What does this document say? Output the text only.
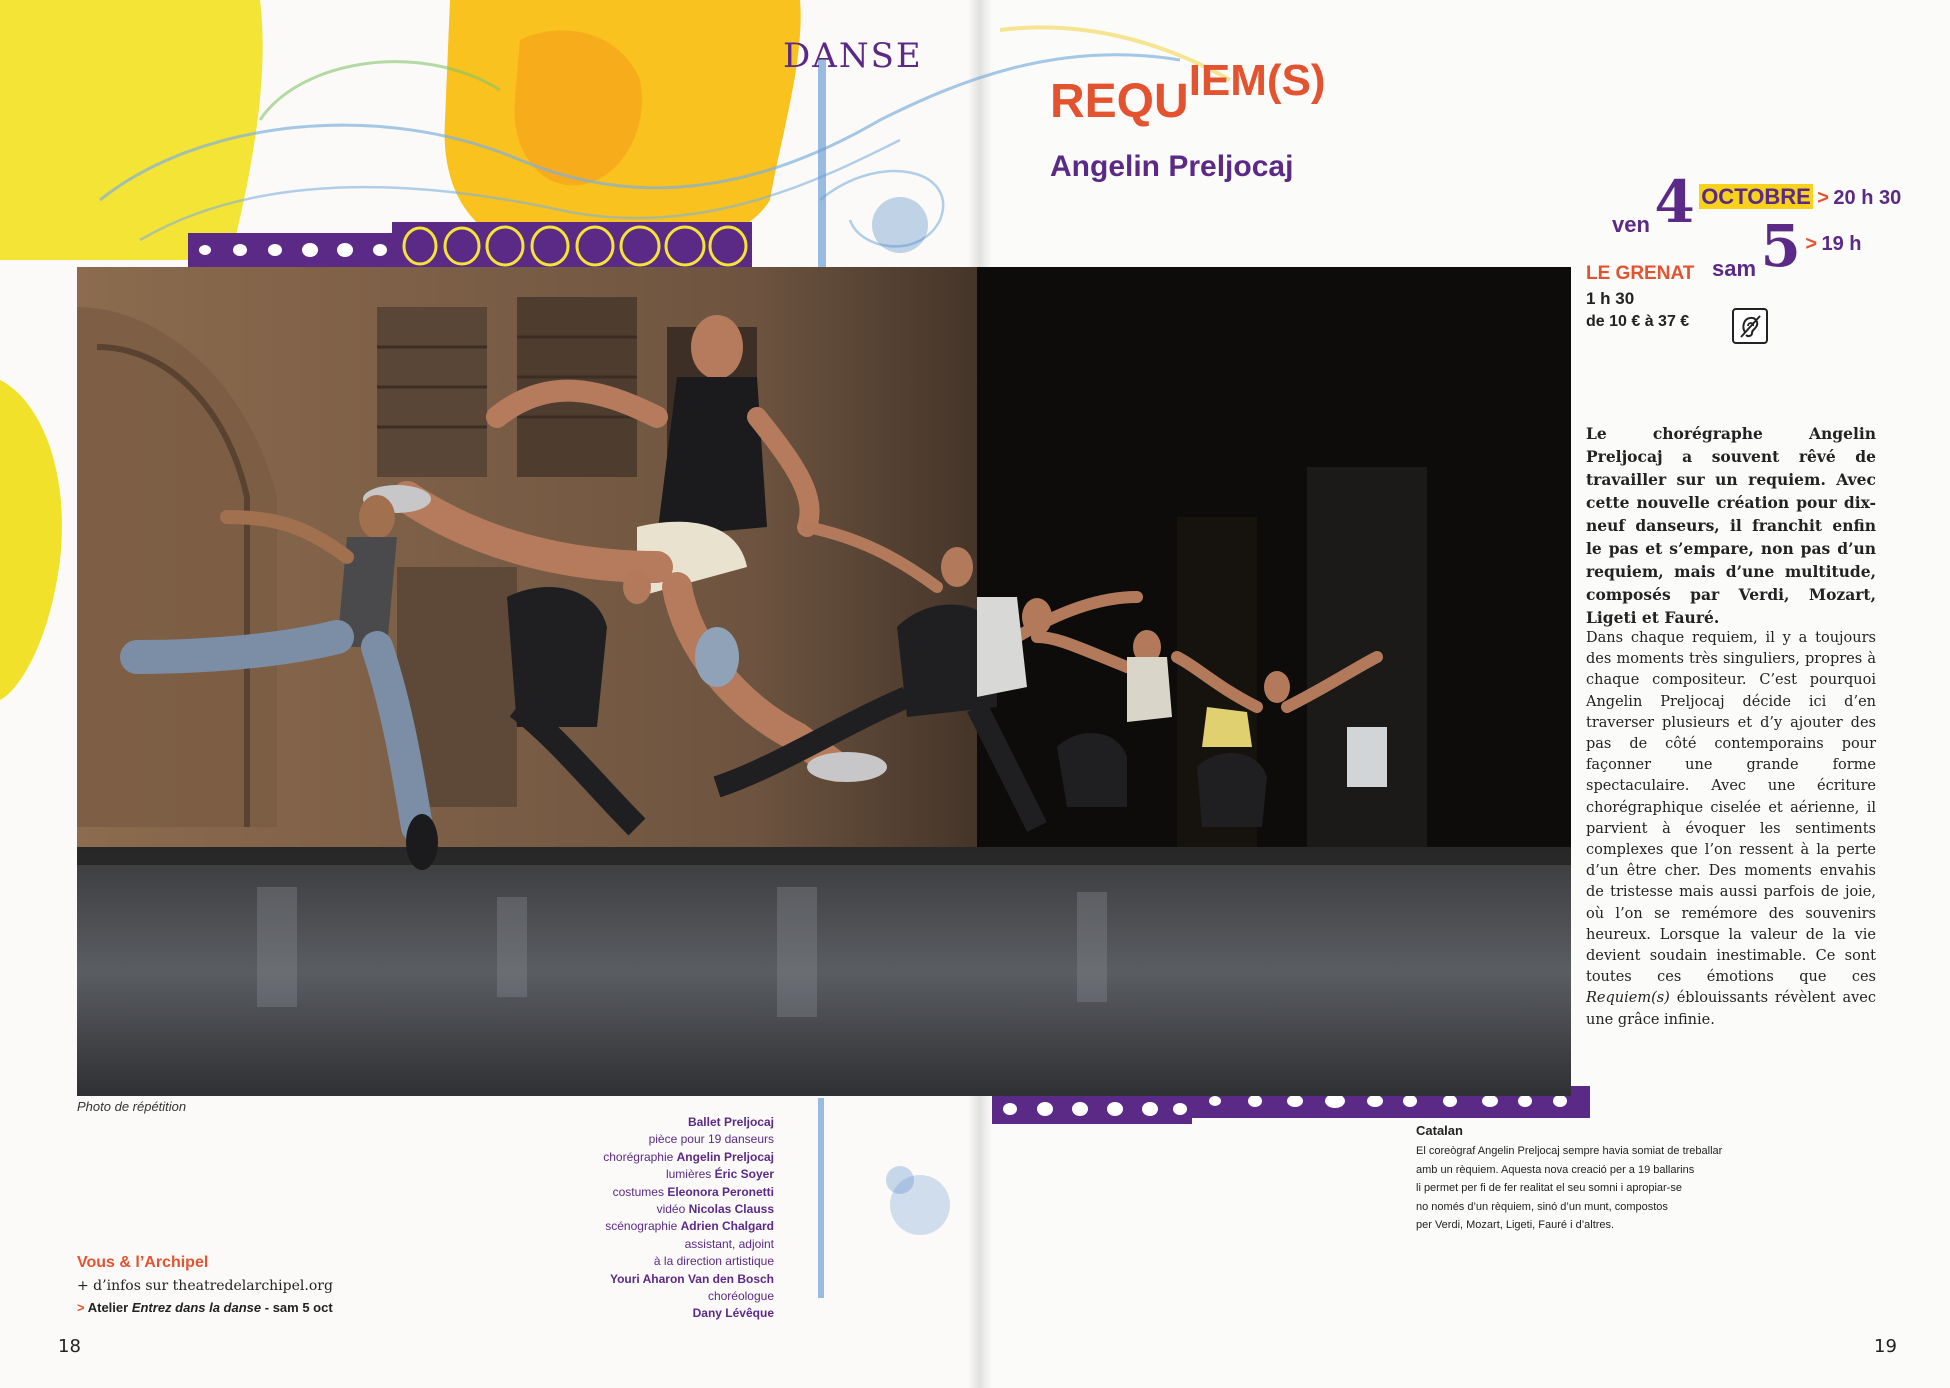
DANSE
REQUIEM(S)
Angelin Preljocaj
ven 4 OCTOBRE > 20 h 30
sam 5 > 19 h
LE GRENAT
1 h 30
de 10 € à 37 €
Photo de répétition
Le chorégraphe Angelin Preljocaj a souvent rêvé de travailler sur un requiem. Avec cette nouvelle création pour dix-neuf danseurs, il franchit enfin le pas et s’empare, non pas d’un requiem, mais d’une multitude, composés par Verdi, Mozart, Ligeti et Fauré.
Dans chaque requiem, il y a toujours des moments très singuliers, propres à chaque compositeur. C’est pourquoi Angelin Preljocaj décide ici d’en traverser plusieurs et d’y ajouter des pas de côté contemporains pour façonner une grande forme spectaculaire. Avec une écriture chorégraphique ciselée et aérienne, il parvient à évoquer les sentiments complexes que l’on ressent à la perte d’un être cher. Des moments envahis de tristesse mais aussi parfois de joie, où l’on se remémore des souvenirs heureux. Lorsque la valeur de la vie devient soudain inestimable. Ce sont toutes ces émotions que ces Requiem(s) éblouissants révèlent avec une grâce infinie.
Ballet Preljocaj
pièce pour 19 danseurs
chorégraphie Angelin Preljocaj
lumières Éric Soyer
costumes Eleonora Peronetti
vidéo Nicolas Clauss
scénographie Adrien Chalgard
assistant, adjoint
à la direction artistique
Youri Aharon Van den Bosch
choréologue
Dany Lévêque
Catalan
El coreògraf Angelin Preljocaj sempre havia somiat de treballar
amb un rèquiem. Aquesta nova creació per a 19 ballarins
li permet per fi de fer realitat el seu somni i apropiar-se
no només d’un rèquiem, sinó d’un munt, compostos
per Verdi, Mozart, Ligeti, Fauré i d’altres.
Vous & l’Archipel
+ d’infos sur theatredelarchipel.org
> Atelier Entrez dans la danse - sam 5 oct
18	19
